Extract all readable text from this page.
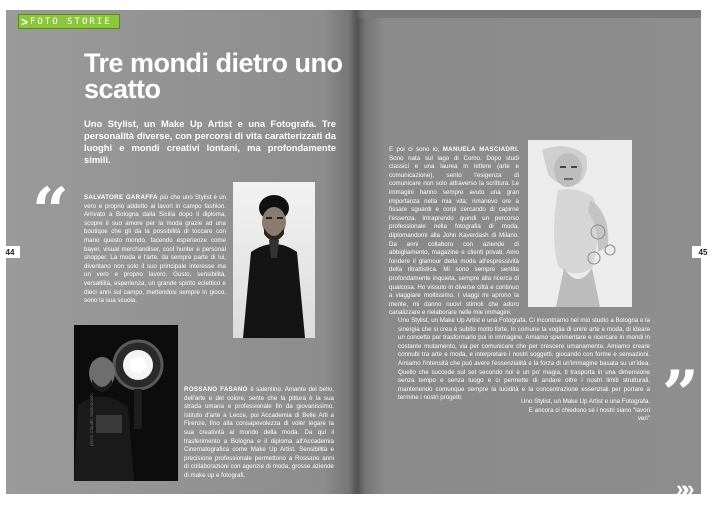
> FOTO STORIE
Tre mondi dietro uno scatto
Uno Stylist, un Make Up Artist e una Fotografa. Tre personalità diverse, con percorsi di vita caratterizzati da luoghi e mondi creativi lontani, ma profondamente simili.
“
”
44	45
SALVATORE GARAFFA più che uno Stylist è un vero e proprio addetto ai lavori in campo fashion. Arrivato a Bologna dalla Sicilia dopo il diploma, scopre il suo amore per la moda grazie ad una boutique che gli da la possibilità di toccare con mano questo mondo, facendo esperienze come bayer, visual merchandiser, cool hunter e personal shopper. La moda e l'arte, da sempre parte di lui, diventano non solo il suo principale interesse ma un vero e proprio lavoro. Gusto, sensibilità, versatilità, esperienza, un grande spirito eclettico e dieci anni sul campo, mettendosi sempre in gioco, sono la sua scuola.
photo Claudio Santonocito
ROSSANO FASANO è salentino. Amante del bello, dell'arte e del colore, sente che la pittura è la sua strada umana e professionale fin da giovanissimo. Istituto d'arte a Lecce, poi Accademia di Belle Arti a Firenze, fino alla consapevolezza di voler legare la sua creatività al mondo della moda. Da qui il trasferimento a Bologna e il diploma all'Accademia Cinematografica come Make Up Artist. Sensibilità e precisione professionale permettono a Rossano anni di collaborazioni con agenzie di moda, grosse aziende di make up e fotografi.
E poi ci sono io, MANUELA MASCIADRI. Sono nata sul lago di Como. Dopo studi classici e una laurea in lettere (arte e comunicazione), sento l'esigenza di comunicare non solo attraverso la scrittura. Le immagini hanno sempre avuto una gran importanza nella mia vita; rimanevo ore a fissare sguardi e corpi cercando di capirne l'essenza. Intraprendo quindi un percorso professionale nella fotografia di moda, diplomandomi alla John Kaverdash di Milano. Da anni collaboro con aziende di abbigliamento, magazine e clienti privati. Amo fondere il glamour della moda all'espressività della ritrattistica. Mi sono sempre sentita profondamente inquieta, sempre alla ricerca di qualcosa. Ho vissuto in diverse città e continuo a viaggiare moltissimo. I viaggi mi aprono la mente, mi danno nuovi stimoli che adoro canalizzare e rielaborare nelle mie immagini.
Uno Stylist, un Make Up Artist e una Fotografa. Ci incontriamo nel mio studio a Bologna e la sinergia che si crea è subito molto forte. In comune la voglia di unire arte e moda, di ideare un concetto per trasformarlo poi in immagine. Amiamo sperimentare e ricercare in mondi in costante mutamento, via per comunicare che per crescere umanamente. Amiamo creare connubi tra arte e moda, e interpretare i nostri soggetti, giocando con forme e sensazioni. Amiamo l'intensità che può avere l'essenzialità e la forza di un'immagine basata su un'idea. Quello che succede sul set secondo noi è un po' magia, ti trasporta in una dimensione senza tempo e senza luogo e ci permette di andare oltre i nostri limiti strutturali, mantenendo comunque sempre la lucidità e la concentrazione essenziali per portare a termine i nostri progetti.
Uno Stylist, un Make Up Artist e una Fotografa.
E ancora ci chiedono se i nostri siano "lavori veri"
»»
